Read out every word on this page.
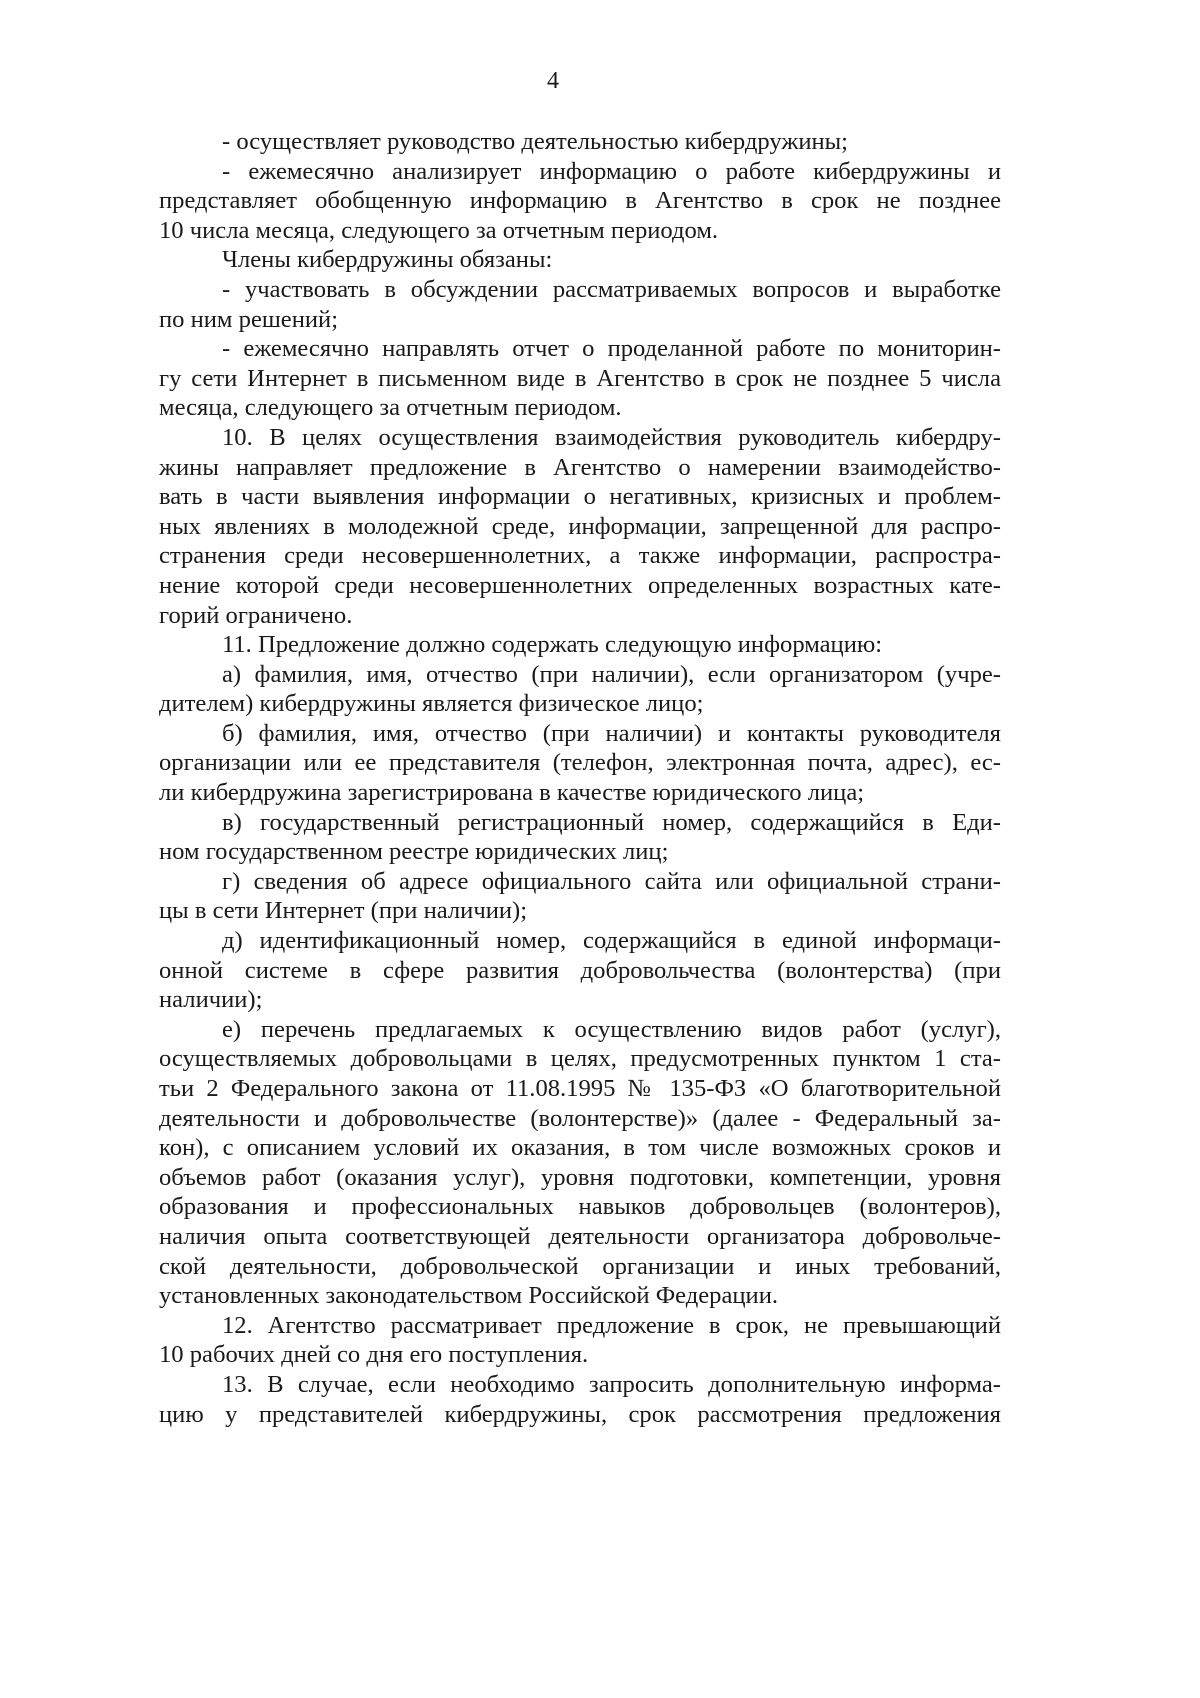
4
- осуществляет руководство деятельностью кибердружины;
- ежемесячно анализирует информацию о работе кибердружины и
представляет обобщенную информацию в Агентство в срок не позднее
10 числа месяца, следующего за отчетным периодом.
Члены кибердружины обязаны:
- участвовать в обсуждении рассматриваемых вопросов и выработке
по ним решений;
- ежемесячно направлять отчет о проделанной работе по мониторин-
гу сети Интернет в письменном виде в Агентство в срок не позднее 5 числа
месяца, следующего за отчетным периодом.
10. В целях осуществления взаимодействия руководитель кибердру-
жины направляет предложение в Агентство о намерении взаимодейство-
вать в части выявления информации о негативных, кризисных и проблем-
ных явлениях в молодежной среде, информации, запрещенной для распро-
странения среди несовершеннолетних, а также информации, распростра-
нение которой среди несовершеннолетних определенных возрастных кате-
горий ограничено.
11. Предложение должно содержать следующую информацию:
а) фамилия, имя, отчество (при наличии), если организатором (учре-
дителем) кибердружины является физическое лицо;
б) фамилия, имя, отчество (при наличии) и контакты руководителя
организации или ее представителя (телефон, электронная почта, адрес), ес-
ли кибердружина зарегистрирована в качестве юридического лица;
в) государственный регистрационный номер, содержащийся в Еди-
ном государственном реестре юридических лиц;
г) сведения об адресе официального сайта или официальной страни-
цы в сети Интернет (при наличии);
д) идентификационный номер, содержащийся в единой информаци-
онной системе в сфере развития добровольчества (волонтерства) (при
наличии);
е) перечень предлагаемых к осуществлению видов работ (услуг),
осуществляемых добровольцами в целях, предусмотренных пунктом 1 ста-
тьи 2 Федерального закона от 11.08.1995 № 135-ФЗ «О благотворительной
деятельности и добровольчестве (волонтерстве)» (далее - Федеральный за-
кон), с описанием условий их оказания, в том числе возможных сроков и
объемов работ (оказания услуг), уровня подготовки, компетенции, уровня
образования и профессиональных навыков добровольцев (волонтеров),
наличия опыта соответствующей деятельности организатора добровольче-
ской деятельности, добровольческой организации и иных требований,
установленных законодательством Российской Федерации.
12. Агентство рассматривает предложение в срок, не превышающий
10 рабочих дней со дня его поступления.
13. В случае, если необходимо запросить дополнительную информа-
цию у представителей кибердружины, срок рассмотрения предложения
